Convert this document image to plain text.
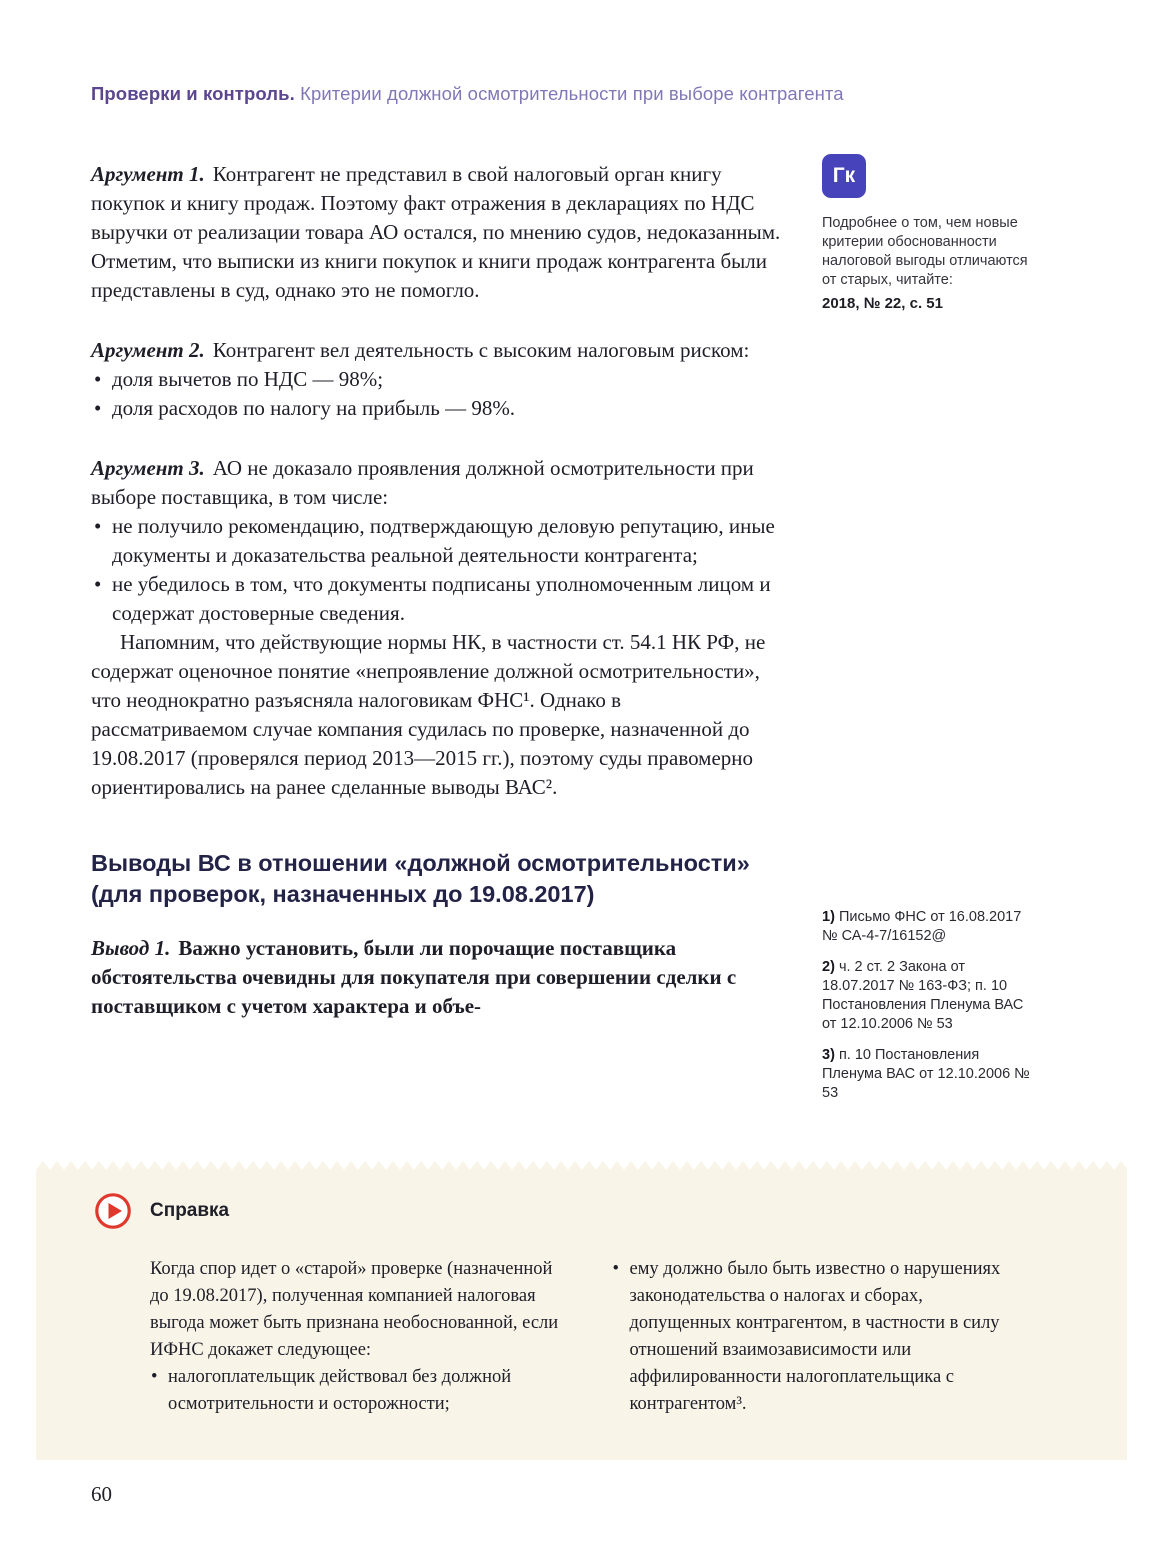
Проверки и контроль. Критерии должной осмотрительности при выборе контрагента

Аргумент 1. Контрагент не представил в свой налоговый орган книгу покупок и книгу продаж. Поэтому факт отражения в декларациях по НДС выручки от реализации товара АО остался, по мнению судов, недоказанным. Отметим, что выписки из книги покупок и книги продаж контрагента были представлены в суд, однако это не помогло.

Аргумент 2. Контрагент вел деятельность с высоким налоговым риском:

• доля вычетов по НДС — 98%;
• доля расходов по налогу на прибыль — 98%.

Аргумент 3. АО не доказало проявления должной осмотрительности при выборе поставщика, в том числе:

• не получило рекомендацию, подтверждающую деловую репутацию, иные документы и доказательства реальной деятельности контрагента;
• не убедилось в том, что документы подписаны уполномоченным лицом и содержат достоверные сведения.

Напомним, что действующие нормы НК, в частности ст. 54.1 НК РФ, не содержат оценочное понятие «непроявление должной осмотрительности», что неоднократно разъясняла налоговикам ФНС¹. Однако в рассматриваемом случае компания судилась по проверке, назначенной до 19.08.2017 (проверялся период 2013—2015 гг.), поэтому суды правомерно ориентировались на ранее сделанные выводы ВАС².

Выводы ВС в отношении «должной осмотрительности» (для проверок, назначенных до 19.08.2017)

Вывод 1. Важно установить, были ли порочащие поставщика обстоятельства очевидны для покупателя при совершении сделки с поставщиком с учетом характера и объе-

Гк

Подробнее о том, чем новые критерии обоснованности налоговой выгоды отличаются от старых, читайте:

2018, № 22, с. 51

1) Письмо ФНС от 16.08.2017 № СА-4-7/16152@

2) ч. 2 ст. 2 Закона от 18.07.2017 № 163-ФЗ; п. 10 Постановления Пленума ВАС от 12.10.2006 № 53

3) п. 10 Постановления Пленума ВАС от 12.10.2006 № 53

Справка

Когда спор идет о «старой» проверке (назначенной до 19.08.2017), полученная компанией налоговая выгода может быть признана необоснованной, если ИФНС докажет следующее:

• налогоплательщик действовал без должной осмотрительности и осторожности;
• ему должно было быть известно о нарушениях законодательства о налогах и сборах, допущенных контрагентом, в частности в силу отношений взаимозависимости или аффилированности налогоплательщика с контрагентом³.
60
